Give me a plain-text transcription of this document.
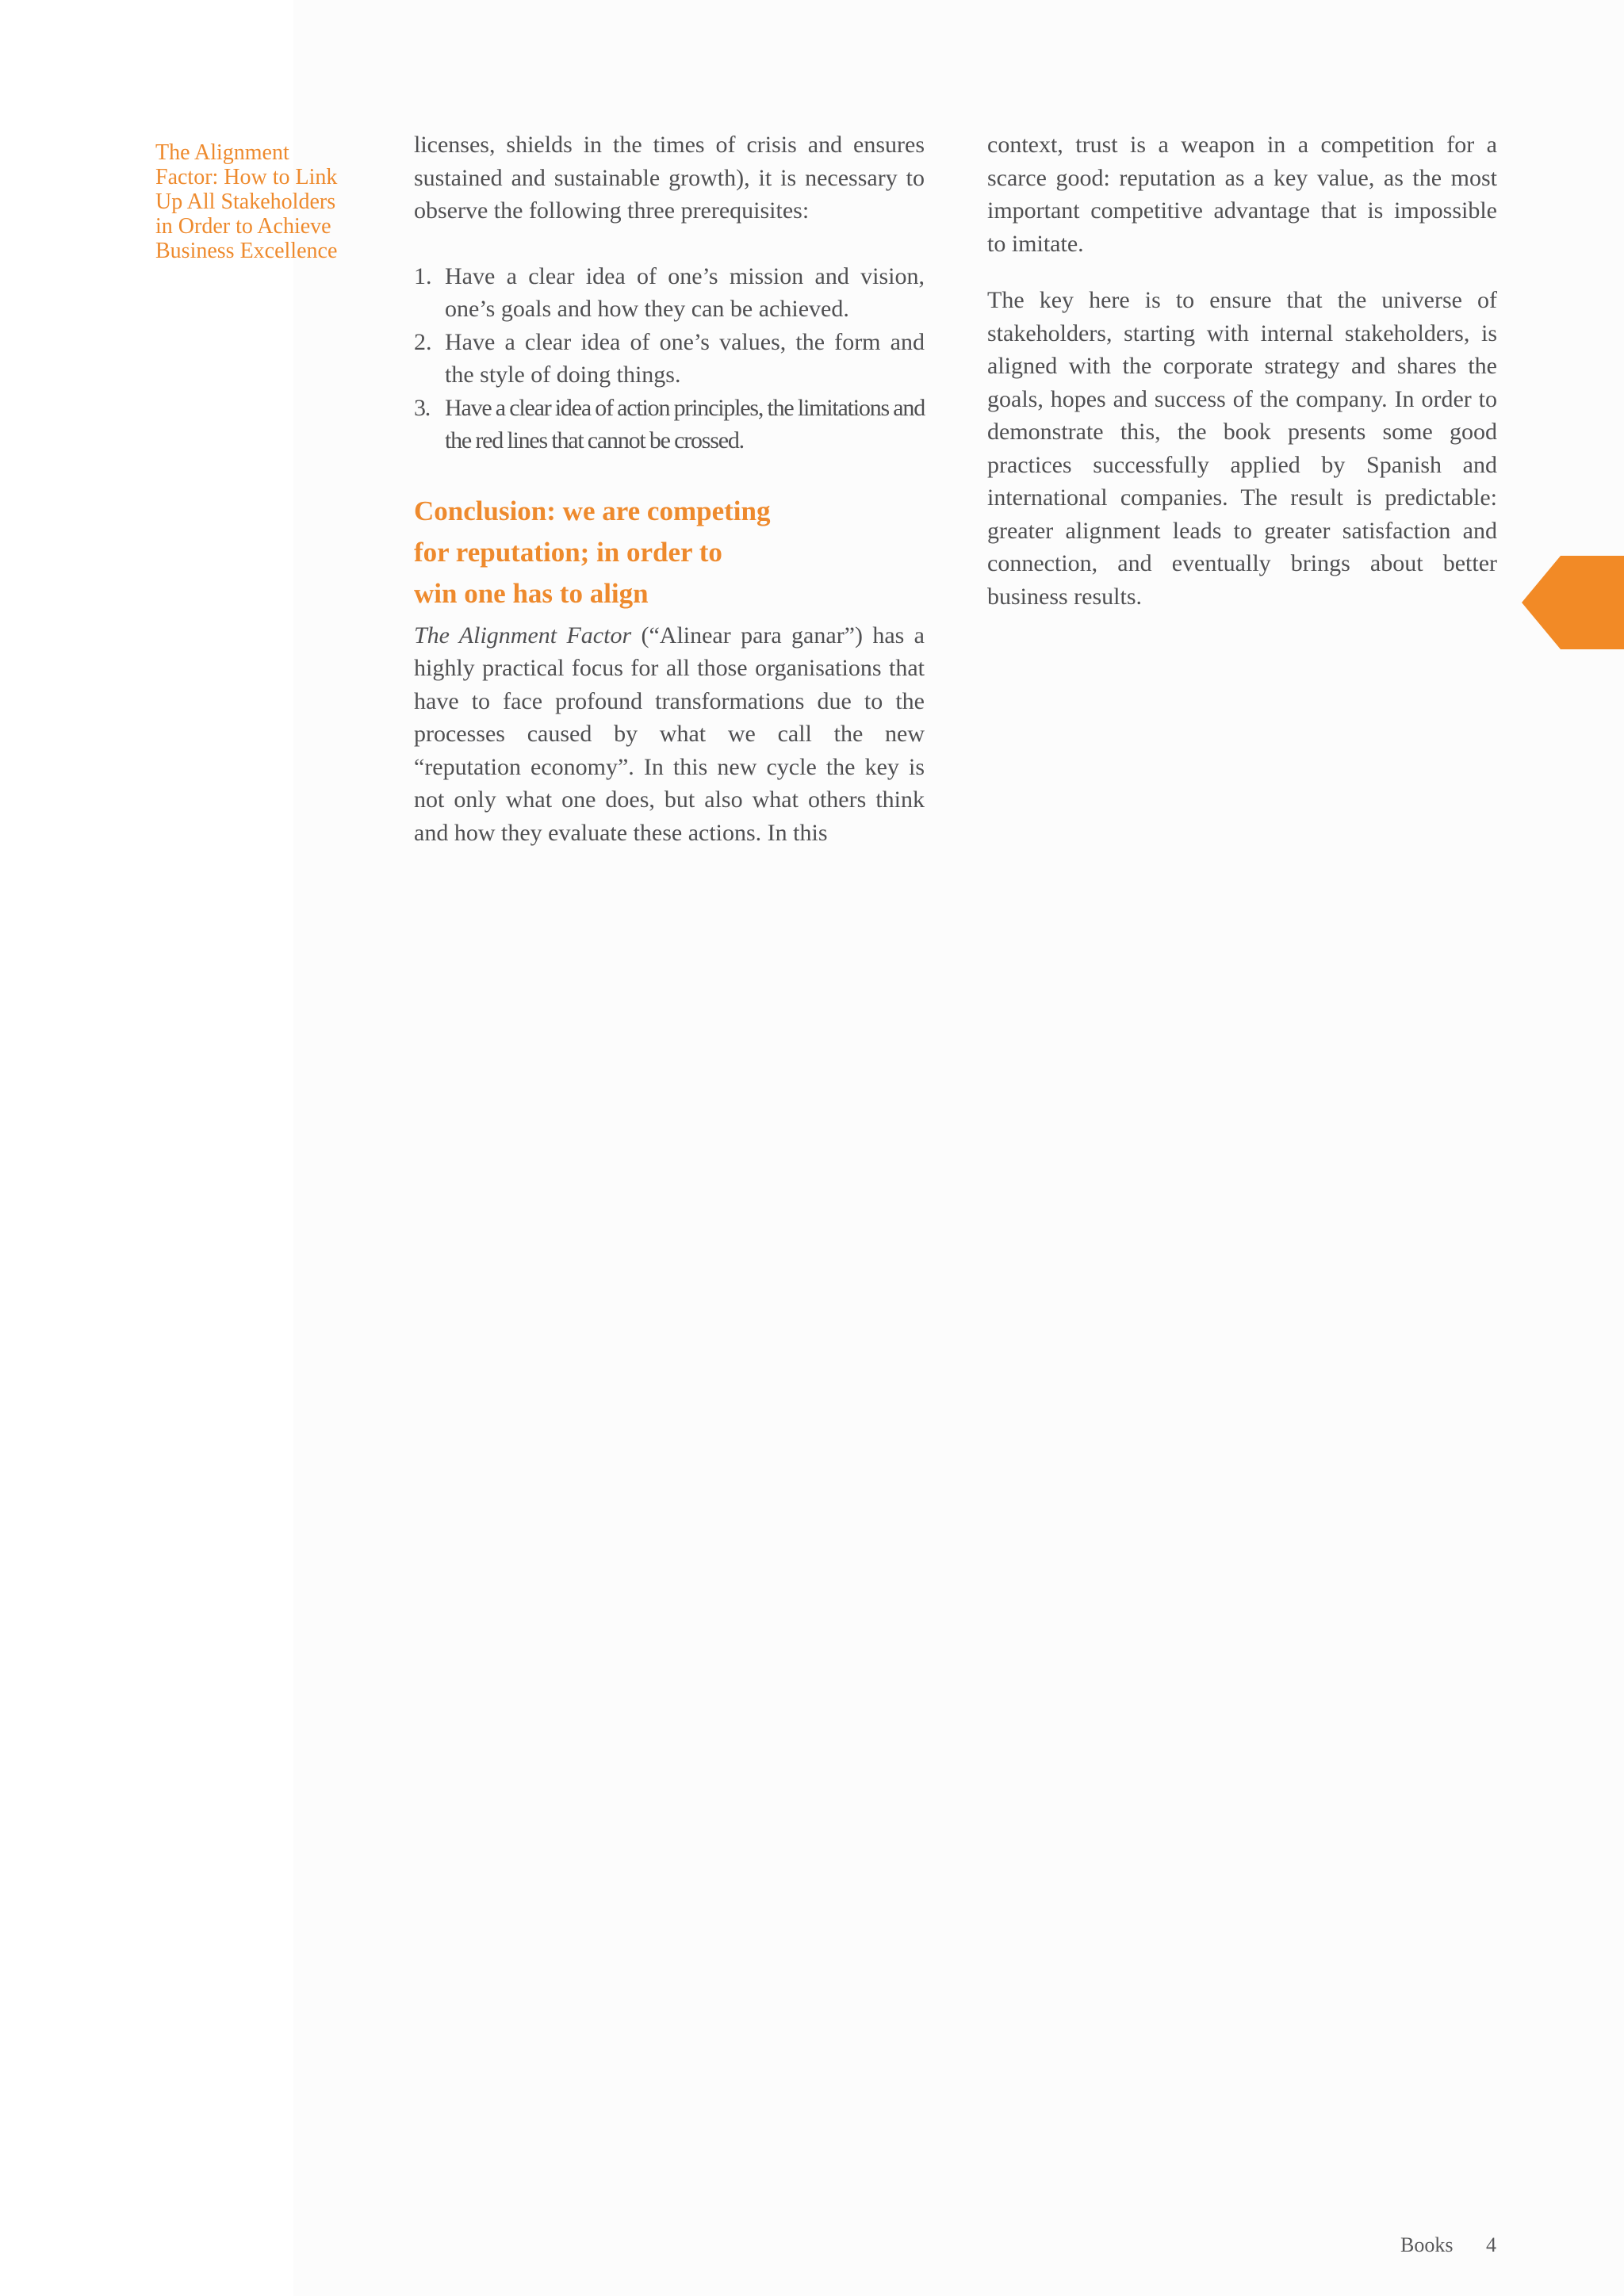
The Alignment
Factor: How to Link
Up All Stakeholders
in Order to Achieve
Business Excellence

licenses, shields in the times of crisis and ensures sustained and sustainable growth), it is necessary to observe the following three prerequisites:

1. Have a clear idea of one’s mission and vision, one’s goals and how they can be achieved.
2. Have a clear idea of one’s values, the form and the style of doing things.
3. Have a clear idea of action principles, the limitations and the red lines that cannot be crossed.
Conclusion: we are competing
for reputation; in order to
win one has to align

The Alignment Factor (“Alinear para ganar”) has a highly practical focus for all those organisations that have to face profound transformations due to the processes caused by what we call the new “reputation economy”. In this new cycle the key is not only what one does, but also what others think and how they evaluate these actions. In this

context, trust is a weapon in a competition for a scarce good: reputation as a key value, as the most important competitive advantage that is impossible to imitate.

The key here is to ensure that the universe of stakeholders, starting with internal stakeholders, is aligned with the corporate strategy and shares the goals, hopes and success of the company. In order to demonstrate this, the book presents some good practices successfully applied by Spanish and international companies. The result is predictable: greater alignment leads to greater satisfaction and connection, and eventually brings about better business results.

Books 4
